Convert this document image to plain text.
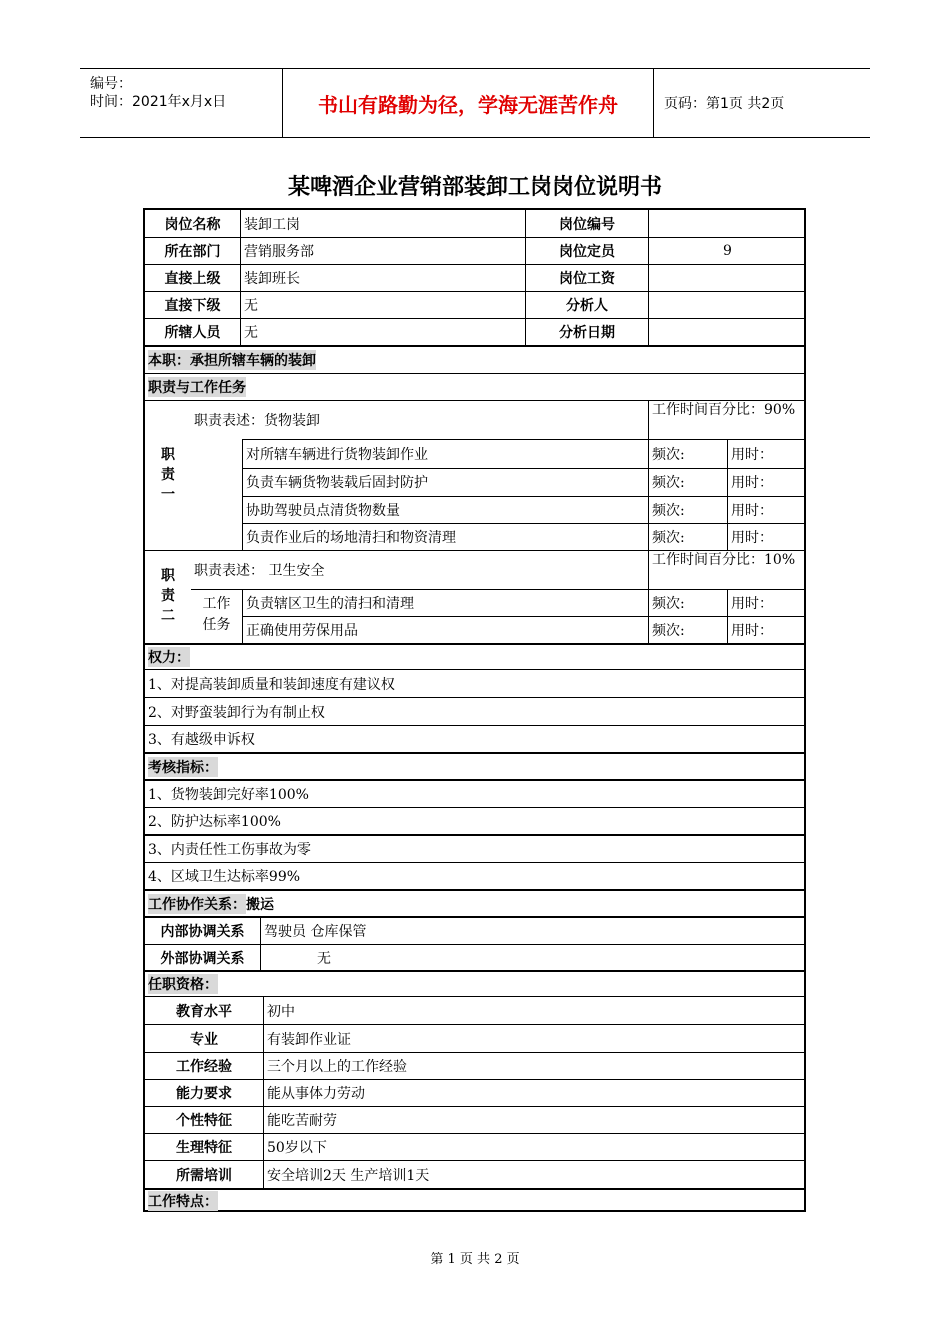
编号：
时间：2021年x月x日	书山有路勤为径，学海无涯苦作舟	页码：第1页 共2页
某啤酒企业营销部装卸工岗岗位说明书
岗位名称	装卸工岗	岗位编号
所在部门	营销服务部	岗位定员	9
直接上级	装卸班长	岗位工资
直接下级	无	分析人
所辖人员	无	分析日期
本职：承担所辖车辆的装卸
职责与工作任务
职
责
一
职责表述：货物装卸
工作时间百分比：90%
对所辖车辆进行货物装卸作业	频次:	用时：
负责车辆货物装载后固封防护	频次:	用时：
协助驾驶员点清货物数量	频次:	用时：
负责作业后的场地清扫和物资清理	频次:	用时：
职
责
二
职责表述： 卫生安全
工作时间百分比：10%
工作
任务
负责辖区卫生的清扫和清理	频次:	用时：
正确使用劳保用品	频次:	用时：
权力：
1、对提高装卸质量和装卸速度有建议权
2、对野蛮装卸行为有制止权
3、有越级申诉权
考核指标：
1、货物装卸完好率100%
2、防护达标率100%
3、内责任性工伤事故为零
4、区域卫生达标率99%
工作协作关系： 搬运
内部协调关系	驾驶员 仓库保管
外部协调关系	无
任职资格：
教育水平	初中
专业	有装卸作业证
工作经验	三个月以上的工作经验
能力要求	能从事体力劳动
个性特征	能吃苦耐劳
生理特征	50岁以下
所需培训	安全培训2天 生产培训1天
工作特点：
第 1 页 共 2 页
